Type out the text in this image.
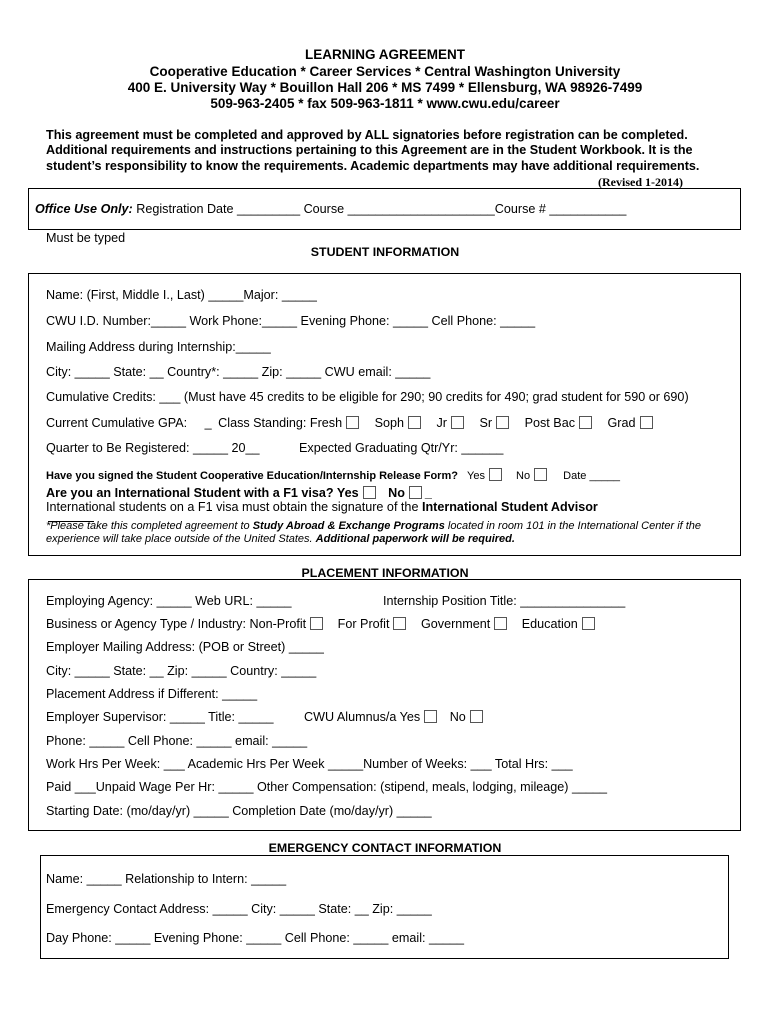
LEARNING AGREEMENT
Cooperative Education * Career Services * Central Washington University
400 E. University Way * Bouillon Hall 206 * MS 7499 * Ellensburg, WA 98926-7499
509-963-2405 * fax 509-963-1811 * www.cwu.edu/career
This agreement must be completed and approved by ALL signatories before registration can be completed. Additional requirements and instructions pertaining to this Agreement are in the Student Workbook. It is the student’s responsibility to know the requirements. Academic departments may have additional requirements.
(Revised 1-2014)
Office Use Only: Registration Date _________ Course _____________________Course # ___________
Must be typed
STUDENT INFORMATION
Name: (First, Middle I., Last) _____Major: _____
CWU I.D. Number:_____ Work Phone:_____ Evening Phone: _____ Cell Phone: _____
Mailing Address during Internship:_____
City: _____ State: __ Country*: _____ Zip: _____ CWU email: _____
Cumulative Credits: ___ (Must have 45 credits to be eligible for 290; 90 credits for 490; grad student for 590 or 690)
Current Cumulative GPA: _ Class Standing: Fresh	Soph	Jr	Sr	Post Bac	Grad
Quarter to Be Registered: _____ 20__	Expected Graduating Qtr/Yr: ______
Have you signed the Student Cooperative Education/Internship Release Form? Yes	No	Date _____
Are you an International Student with a F1 visa? Yes No _
International students on a F1 visa must obtain the signature of the International Student Advisor
*Please take this completed agreement to Study Abroad & Exchange Programs located in room 101 in the International Center if the experience will take place outside of the United States. Additional paperwork will be required.
PLACEMENT INFORMATION
Employing Agency: _____ Web URL: _____	Internship Position Title: _______________
Business or Agency Type / Industry: Non-Profit	For Profit	Government	Education
Employer Mailing Address: (POB or Street) _____
City: _____ State: __ Zip: _____ Country: _____
Placement Address if Different: _____
Employer Supervisor: _____ Title: _____ CWU Alumnus/a Yes No
Phone: _____ Cell Phone: _____ email: _____
Work Hrs Per Week: ___ Academic Hrs Per Week _____Number of Weeks: ___ Total Hrs: ___
Paid ___Unpaid Wage Per Hr: _____ Other Compensation: (stipend, meals, lodging, mileage) _____
Starting Date: (mo/day/yr) _____ Completion Date (mo/day/yr) _____
EMERGENCY CONTACT INFORMATION
Name: _____ Relationship to Intern: _____
Emergency Contact Address: _____ City: _____ State: __ Zip: _____
Day Phone: _____ Evening Phone: _____ Cell Phone: _____ email: _____
